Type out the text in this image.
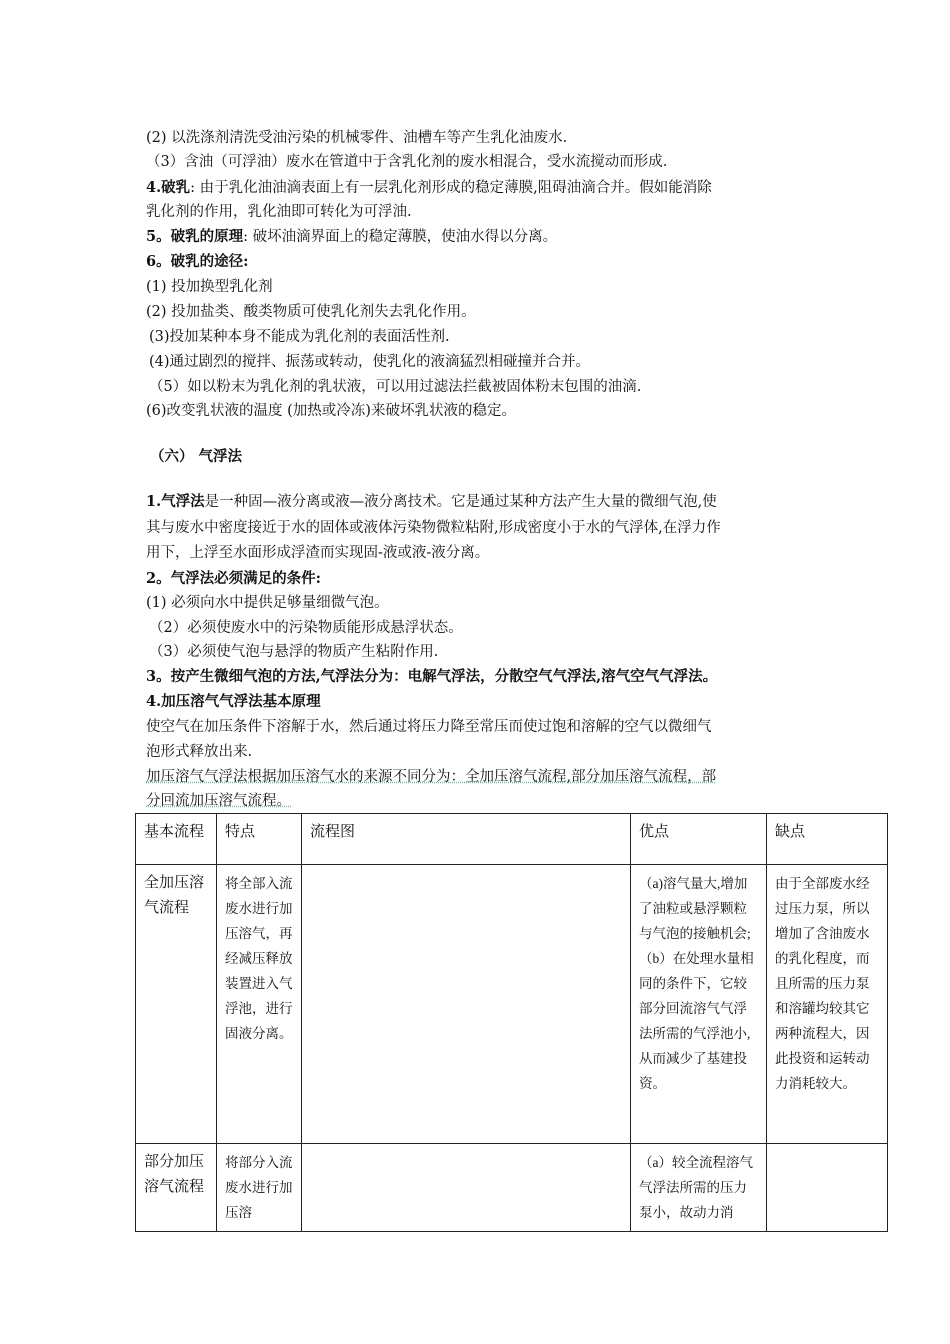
(2) 以洗涤剂清洗受油污染的机械零件、油槽车等产生乳化油废水.
（3）含油（可浮油）废水在管道中于含乳化剂的废水相混合，受水流搅动而形成.
4.破乳: 由于乳化油油滴表面上有一层乳化剂形成的稳定薄膜,阻碍油滴合并。假如能消除
乳化剂的作用，乳化油即可转化为可浮油.
5。破乳的原理: 破坏油滴界面上的稳定薄膜，使油水得以分离。
6。破乳的途径:
(1) 投加换型乳化剂
(2) 投加盐类、酸类物质可使乳化剂失去乳化作用。
(3)投加某种本身不能成为乳化剂的表面活性剂.
(4)通过剧烈的搅拌、振荡或转动，使乳化的液滴猛烈相碰撞并合并。
（5）如以粉末为乳化剂的乳状液，可以用过滤法拦截被固体粉末包围的油滴.
(6)改变乳状液的温度 (加热或冷冻)来破坏乳状液的稳定。
（六） 气浮法
1.气浮法是一种固—液分离或液—液分离技术。它是通过某种方法产生大量的微细气泡,使
其与废水中密度接近于水的固体或液体污染物微粒粘附,形成密度小于水的气浮体,在浮力作
用下，上浮至水面形成浮渣而实现固-液或液-液分离。
2。气浮法必须满足的条件:
(1) 必须向水中提供足够量细微气泡。
（2）必须使废水中的污染物质能形成悬浮状态。
（3）必须使气泡与悬浮的物质产生粘附作用.
3。按产生微细气泡的方法,气浮法分为：电解气浮法，分散空气气浮法,溶气空气气浮法。
4.加压溶气气浮法基本原理
使空气在加压条件下溶解于水，然后通过将压力降至常压而使过饱和溶解的空气以微细气
泡形式释放出来.
加压溶气气浮法根据加压溶气水的来源不同分为：全加压溶气流程,部分加压溶气流程，部
分回流加压溶气流程。
基本流程	特点	流程图	优点	缺点
全加压溶气流程	将全部入流废水进行加压溶气，再经减压释放装置进入气浮池，进行固液分离。		（a)溶气量大,增加了油粒或悬浮颗粒与气泡的接触机会;（b）在处理水量相同的条件下，它较部分回流溶气气浮法所需的气浮池小,从而减少了基建投资。	由于全部废水经过压力泵，所以增加了含油废水的乳化程度，而且所需的压力泵和溶罐均较其它两种流程大，因此投资和运转动力消耗较大。
部分加压溶气流程	将部分入流废水进行加压溶		（a）较全流程溶气气浮法所需的压力泵小，故动力消	
